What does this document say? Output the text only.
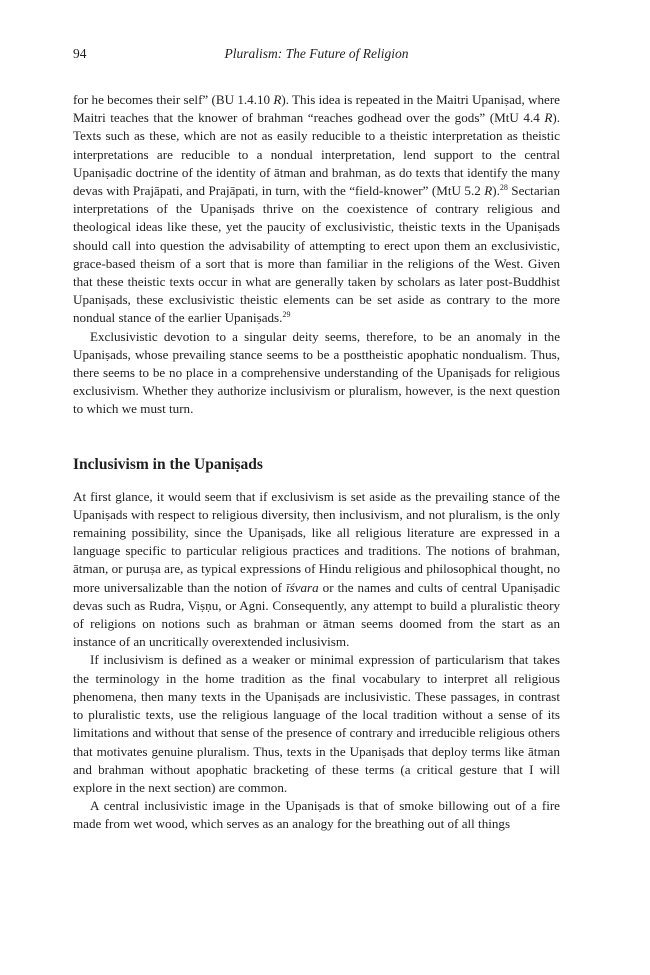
94	Pluralism: The Future of Religion

for he becomes their self” (BU 1.4.10 R). This idea is repeated in the Maitri Upaniṣad, where Maitri teaches that the knower of brahman “reaches godhead over the gods” (MtU 4.4 R). Texts such as these, which are not as easily reducible to a theistic interpretation as theistic interpretations are reducible to a nondual interpretation, lend support to the central Upaniṣadic doctrine of the identity of ātman and brahman, as do texts that identify the many devas with Prajāpati, and Prajāpati, in turn, with the “field-knower” (MtU 5.2 R).$^{28}$ Sectarian interpretations of the Upaniṣads thrive on the coexistence of contrary religious and theological ideas like these, yet the paucity of exclusivistic, theistic texts in the Upaniṣads should call into question the advisability of attempting to erect upon them an exclusivistic, grace-based theism of a sort that is more than familiar in the religions of the West. Given that these theistic texts occur in what are generally taken by scholars as later post-Buddhist Upaniṣads, these exclusivistic theistic elements can be set aside as contrary to the more nondual stance of the earlier Upaniṣads.$^{29}$

Exclusivistic devotion to a singular deity seems, therefore, to be an anomaly in the Upaniṣads, whose prevailing stance seems to be a posttheistic apophatic nondualism. Thus, there seems to be no place in a comprehensive understanding of the Upaniṣads for religious exclusivism. Whether they authorize inclusivism or pluralism, however, is the next question to which we must turn.

Inclusivism in the Upaniṣads

At first glance, it would seem that if exclusivism is set aside as the prevailing stance of the Upaniṣads with respect to religious diversity, then inclusivism, and not pluralism, is the only remaining possibility, since the Upaniṣads, like all religious literature are expressed in a language specific to particular religious practices and traditions. The notions of brahman, ātman, or puruṣa are, as typical expressions of Hindu religious and philosophical thought, no more universalizable than the notion of īśvara or the names and cults of central Upaniṣadic devas such as Rudra, Viṣṇu, or Agni. Consequently, any attempt to build a pluralistic theory of religions on notions such as brahman or ātman seems doomed from the start as an instance of an uncritically overextended inclusivism.

If inclusivism is defined as a weaker or minimal expression of particularism that takes the terminology in the home tradition as the final vocabulary to interpret all religious phenomena, then many texts in the Upaniṣads are inclusivistic. These passages, in contrast to pluralistic texts, use the religious language of the local tradition without a sense of its limitations and without that sense of the presence of contrary and irreducible religious others that motivates genuine pluralism. Thus, texts in the Upaniṣads that deploy terms like ātman and brahman without apophatic bracketing of these terms (a critical gesture that I will explore in the next section) are common.

A central inclusivistic image in the Upaniṣads is that of smoke billowing out of a fire made from wet wood, which serves as an analogy for the breathing out of all things
